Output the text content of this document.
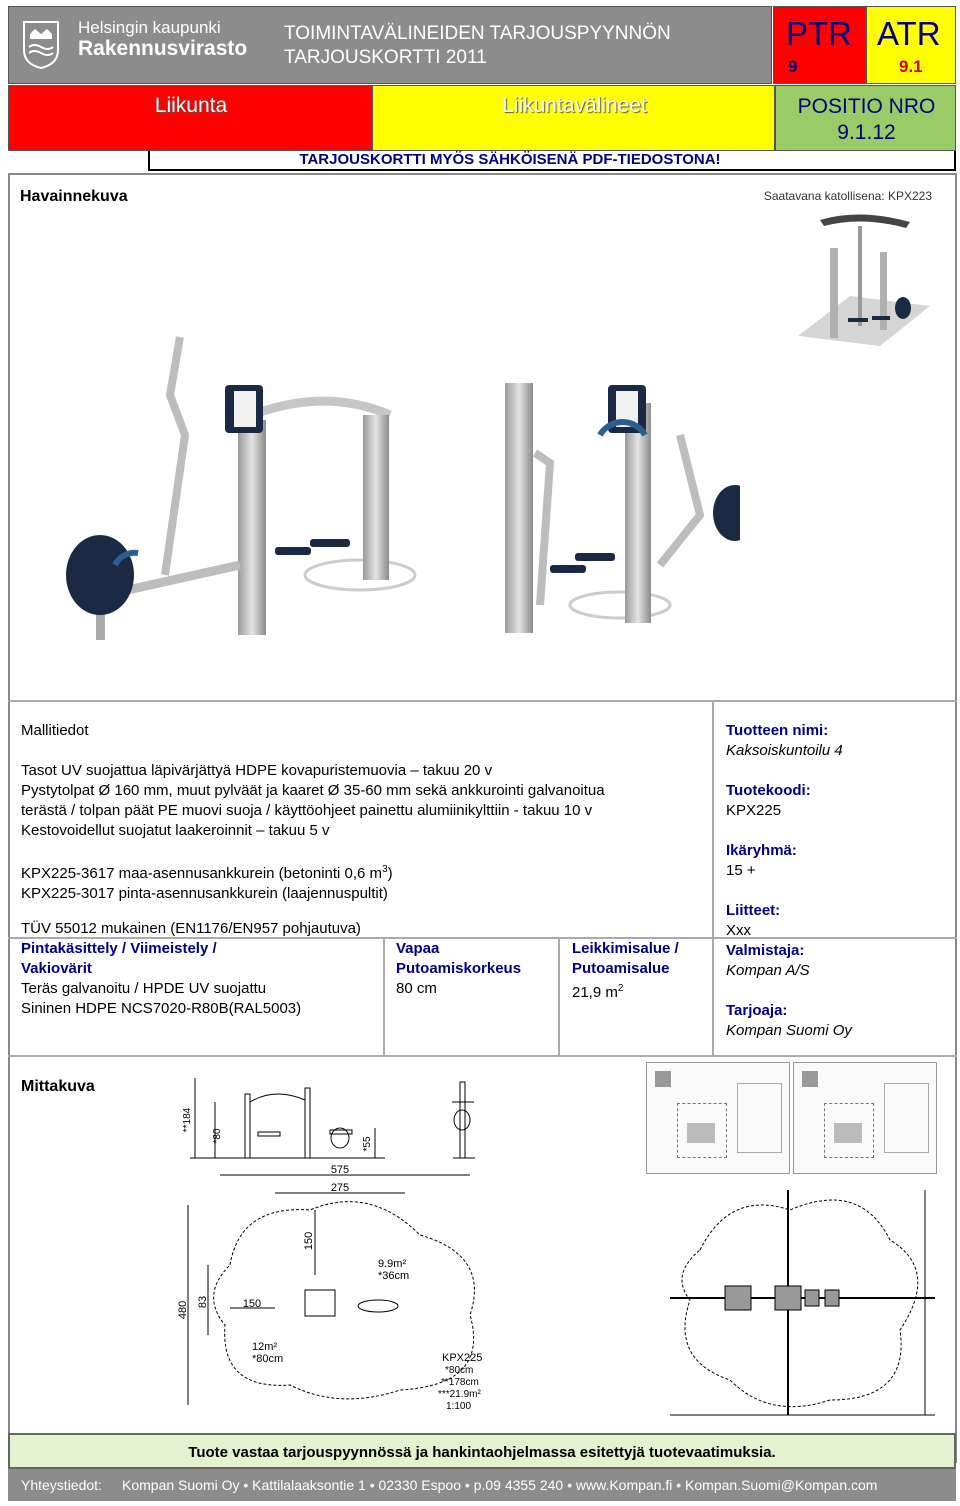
Helsingin kaupunki
Rakennusvirasto
TOIMINTAVÄLINEIDEN TARJOUSPYYNNÖN
TARJOUSKORTTI 2011
PTR
9
ATR
9.1
Liikunta	Liikuntavälineet	POSITIO NRO
9.1.12
TARJOUSKORTTI MYÖS SÄHKÖISENÄ PDF-TIEDOSTONA!
Havainnekuva	Saatavana katollisena: KPX223
Mallitiedot
Tasot UV suojattua läpivärjättyä HDPE kovapuristemuovia – takuu 20 v
Pystytolpat Ø 160 mm, muut pylväät ja kaaret Ø 35-60 mm sekä ankkurointi galvanoitua
terästä / tolpan päät PE muovi suoja / käyttöohjeet painettu alumiinikylttiin - takuu 10 v
Kestovoidellut suojatut laakeroinnit – takuu 5 v
KPX225-3617 maa-asennusankkurein (betoninti 0,6 $m^3$)
KPX225-3017 pinta-asennusankkurein (laajennuspultit)
TÜV 55012 mukainen (EN1176/EN957 pohjautuva)
Pintakäsittely / Viimeistely /
Vakiovärit
Teräs galvanoitu / HPDE UV suojattu
Sininen HDPE NCS7020-R80B(RAL5003)
Vapaa
Putoamiskorkeus
80 cm
Leikkimisalue /
Putoamisalue
21,9 $m^2$
Tuotteen nimi:
Kaksoiskuntoilu 4
Tuotekoodi:
KPX225
Ikäryhmä:
15 +
Liitteet:
Xxx
Valmistaja:
Kompan A/S
Tarjoaja:
Kompan Suomi Oy
Mittakuva
**184
*80
*55
575
275
480 83
150
150
9.9m²
*36cm
12m²
*80cm	KPX225
*80cm
**178cm
***21.9m²
1:100
Tuote vastaa tarjouspyynnössä ja hankintaohjelmassa esitettyjä tuotevaatimuksia.
Yhteystiedot: Kompan Suomi Oy • Kattilalaaksontie 1 • 02330 Espoo • p.09 4355 240 • www.Kompan.fi • Kompan.Suomi@Kompan.com
